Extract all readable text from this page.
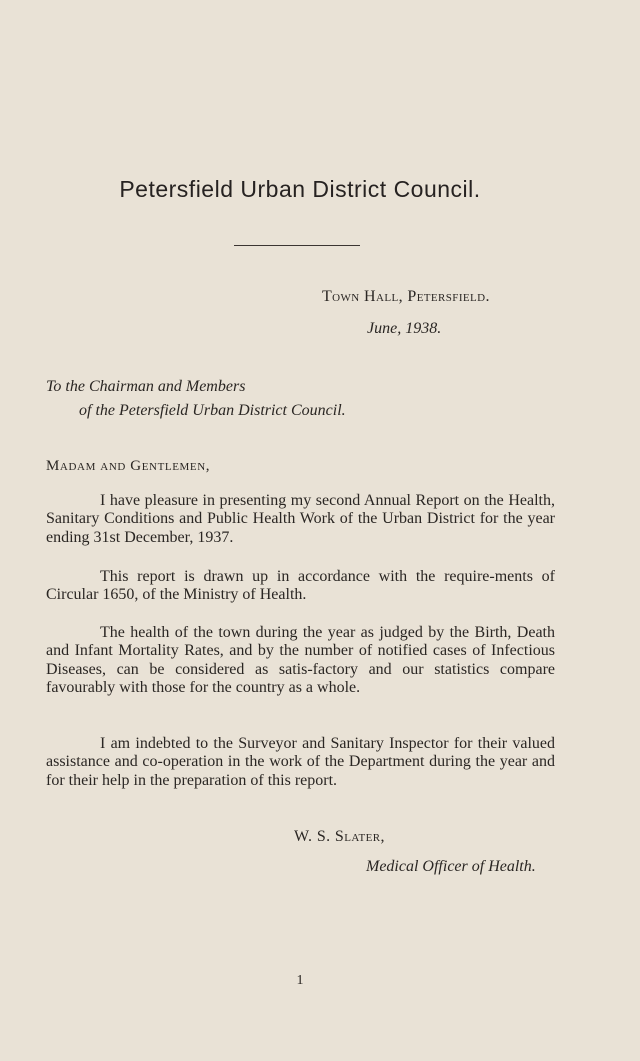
Petersfield Urban District Council.
Town Hall, Petersfield.
June, 1938.
To the Chairman and Members
of the Petersfield Urban District Council.
Madam and Gentlemen,

I have pleasure in presenting my second Annual Report on the Health, Sanitary Conditions and Public Health Work of the Urban District for the year ending 31st December, 1937.

This report is drawn up in accordance with the require-ments of Circular 1650, of the Ministry of Health.

The health of the town during the year as judged by the Birth, Death and Infant Mortality Rates, and by the number of notified cases of Infectious Diseases, can be considered as satis-factory and our statistics compare favourably with those for the country as a whole.

I am indebted to the Surveyor and Sanitary Inspector for their valued assistance and co-operation in the work of the Department during the year and for their help in the preparation of this report.

W. S. Slater,
Medical Officer of Health.
1
